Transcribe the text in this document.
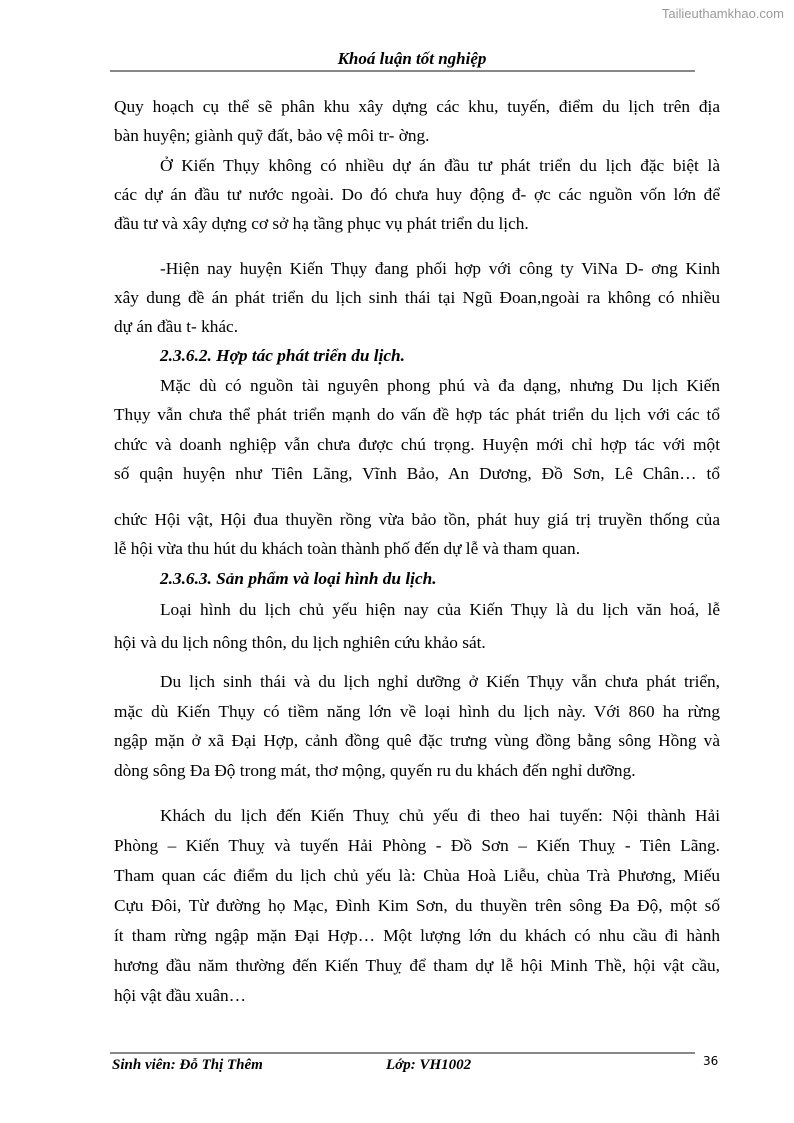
Tailieuthamkhao.com
Khoá luận tốt nghiệp
Quy hoạch cụ thể sẽ phân khu xây dựng các khu, tuyến, điểm du lịch trên địa
bàn huyện; giành quỹ đất, bảo vệ môi tr- ờng.
Ở Kiến Thụy không có nhiều dự án đầu tư phát triển du lịch đặc biệt là
các dự án đầu tư nước ngoài. Do đó chưa huy động đ- ợc các nguồn vốn lớn để
đầu tư và xây dựng cơ sở hạ tầng phục vụ phát triển du lịch.
-Hiện nay huyện Kiến Thụy đang phối hợp với công ty ViNa D- ơng Kinh
xây dung đề án phát triển du lịch sinh thái tại Ngũ Đoan,ngoài ra không có nhiều
dự án đầu t- khác.
2.3.6.2. Hợp tác phát triển du lịch.
Mặc dù có nguồn tài nguyên phong phú và đa dạng, nhưng Du lịch Kiến
Thụy vẫn chưa thể phát triển mạnh do vấn đề hợp tác phát triển du lịch với các tổ
chức và doanh nghiệp vẫn chưa được chú trọng. Huyện mới chỉ hợp tác với một
số quận huyện như Tiên Lãng, Vĩnh Bảo, An Dương, Đồ Sơn, Lê Chân… tổ
chức Hội vật, Hội đua thuyền rồng vừa bảo tồn, phát huy giá trị truyền thống của
lễ hội vừa thu hút du khách toàn thành phố đến dự lễ và tham quan.
2.3.6.3. Sản phẩm và loại hình du lịch.
Loại hình du lịch chủ yếu hiện nay của Kiến Thụy là du lịch văn hoá, lễ
hội và du lịch nông thôn, du lịch nghiên cứu khảo sát.
Du lịch sinh thái và du lịch nghỉ dưỡng ở Kiến Thụy vẫn chưa phát triển,
mặc dù Kiến Thụy có tiềm năng lớn về loại hình du lịch này. Với 860 ha rừng
ngập mặn ở xã Đại Hợp, cảnh đồng quê đặc trưng vùng đồng bằng sông Hồng và
dòng sông Đa Độ trong mát, thơ mộng, quyến ru du khách đến nghỉ dưỡng.
Khách du lịch đến Kiến Thuỵ chủ yếu đi theo hai tuyến: Nội thành Hải
Phòng – Kiến Thuỵ và tuyến Hải Phòng - Đồ Sơn – Kiến Thuỵ - Tiên Lãng.
Tham quan các điểm du lịch chủ yếu là: Chùa Hoà Liễu, chùa Trà Phương, Miếu
Cựu Đôi, Từ đường họ Mạc, Đình Kim Sơn, du thuyền trên sông Đa Độ, một số
ít tham rừng ngập mặn Đại Hợp… Một lượng lớn du khách có nhu cầu đi hành
hương đầu năm thường đến Kiến Thuỵ để tham dự lễ hội Minh Thề, hội vật cầu,
hội vật đầu xuân…
Sinh viên: Đỗ Thị Thêm	Lớp: VH1002	36
